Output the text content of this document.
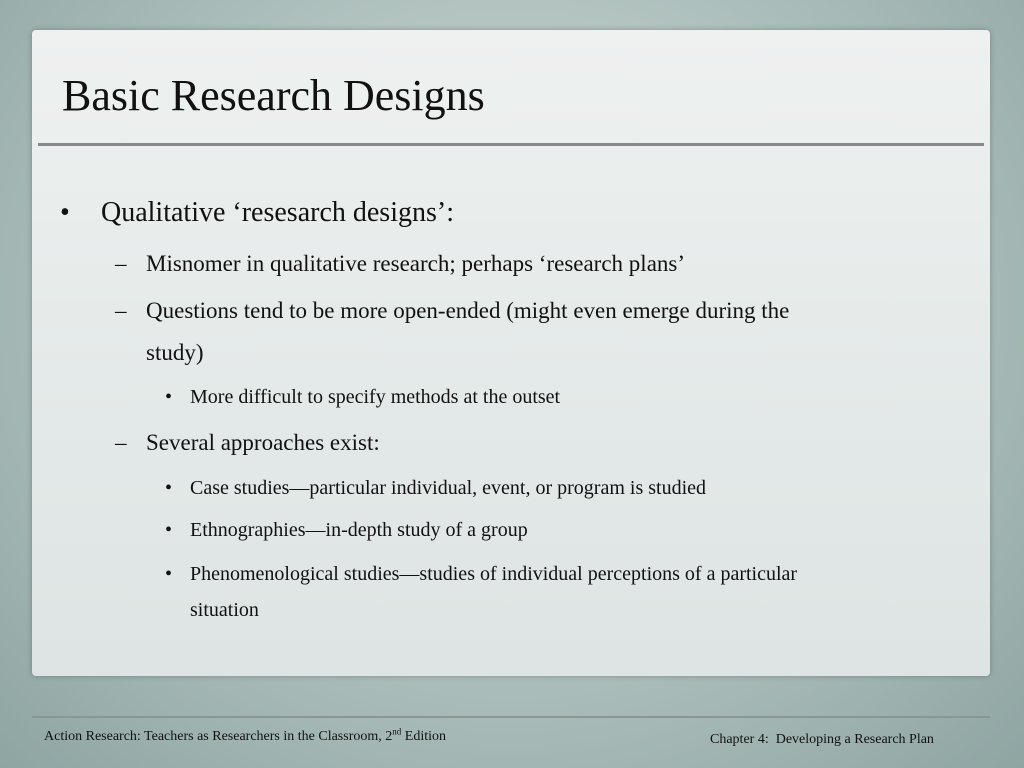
Basic Research Designs
• Qualitative ‘resesarch designs’:
– Misnomer in qualitative research; perhaps ‘research plans’
– Questions tend to be more open-ended (might even emerge during the
study)
• More difficult to specify methods at the outset
– Several approaches exist:
• Case studies—particular individual, event, or program is studied
• Ethnographies—in-depth study of a group
• Phenomenological studies—studies of individual perceptions of a particular
situation
Action Research: Teachers as Researchers in the Classroom, 2nd Edition	Chapter 4:  Developing a Research Plan
